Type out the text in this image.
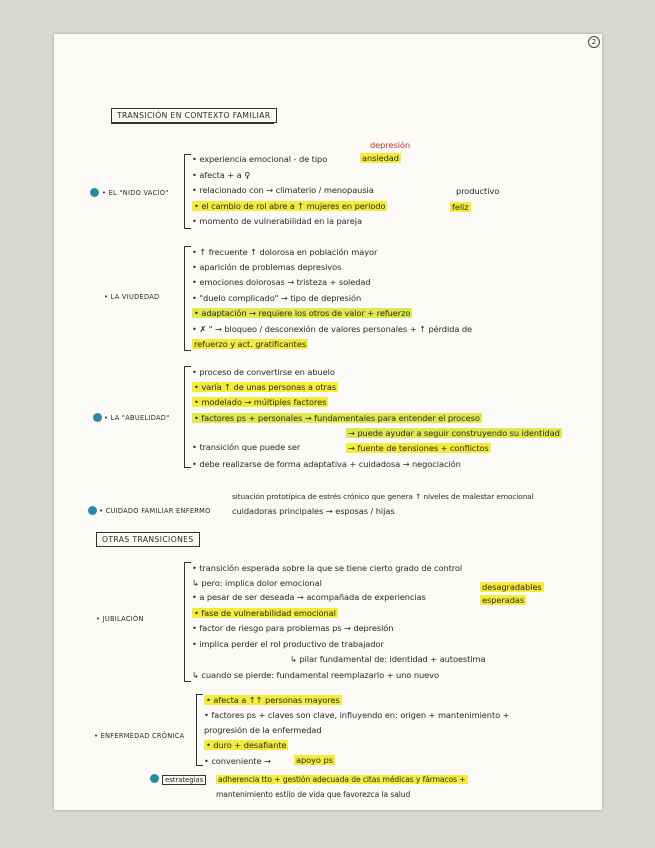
2
TRANSICIÓN EN CONTEXTO FAMILIAR
• EL "NIDO VACÍO"
• experiencia emocional - de tipo
depresión
ansiedad
• afecta + a ♀
• relacionado con → climaterio / menopausia
• el cambio de rol abre a ↑ mujeres en periodo
productivo
feliz
• momento de vulnerabilidad en la pareja
• LA VIUDEDAD
• ↑ frecuente ↑ dolorosa en población mayor
• aparición de problemas depresivos
• emociones dolorosas → tristeza + soledad
• "duelo complicado" → tipo de depresión
• adaptación → requiere los otros de valor + refuerzo
• ✗ " → bloqueo / desconexión de valores personales + ↑ pérdida de
refuerzo y act. gratificantes
• LA "ABUELIDAD"
• proceso de convertirse en abuelo
• varía ↑ de unas personas a otras
• modelado → múltiples factores
• factores ps + personales → fundamentales para entender el proceso
→ puede ayudar a seguir construyendo su identidad
• transición que puede ser	→ fuente de tensiones + conflictos
• debe realizarse de forma adaptativa + cuidadosa → negociación
• CUIDADO FAMILIAR ENFERMO
situación prototípica de estrés crónico que genera ↑ niveles de malestar emocional
cuidadoras principales → esposas / hijas
OTRAS TRANSICIONES
• JUBILACIÓN
• transición esperada sobre la que se tiene cierto grado de control
↳ pero: implica dolor emocional
• a pesar de ser deseada → acompañada de experiencias
desagradables
esperadas
• fase de vulnerabilidad emocional
• factor de riesgo para problemas ps → depresión
• implica perder el rol productivo de trabajador
↳ pilar fundamental de: identidad + autoestima
↳ cuando se pierde: fundamental reemplazarlo + uno nuevo
• ENFERMEDAD CRÓNICA
• afecta a ↑↑ personas mayores
• factores ps + claves son clave, influyendo en: origen + mantenimiento +
progresión de la enfermedad
• duro + desafiante
• conveniente →	apoyo ps
estrategias	adherencia tto + gestión adecuada de citas médicas y fármacos +
mantenimiento estilo de vida que favorezca la salud
